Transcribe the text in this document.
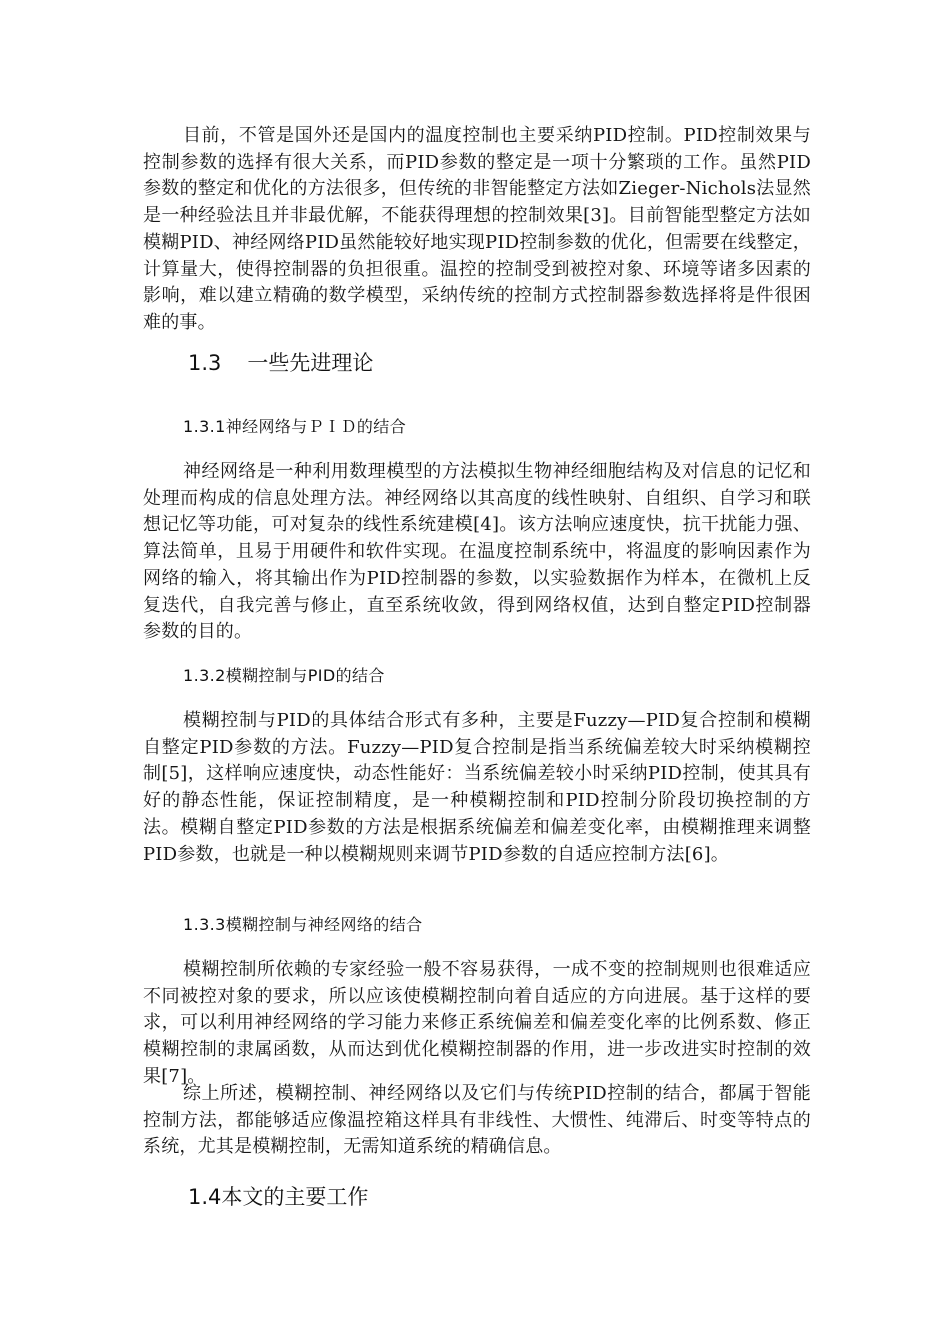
目前，不管是国外还是国内的温度控制也主要采纳PID控制。PID控制效果与控制参数的选择有很大关系，而PID参数的整定是一项十分繁琐的工作。虽然PID参数的整定和优化的方法很多，但传统的非智能整定方法如Zieger-Nichols法显然是一种经验法且并非最优解，不能获得理想的控制效果[3]。目前智能型整定方法如模糊PID、神经网络PID虽然能较好地实现PID控制参数的优化，但需要在线整定，计算量大，使得控制器的负担很重。温控的控制受到被控对象、环境等诸多因素的影响，难以建立精确的数学模型，采纳传统的控制方式控制器参数选择将是件很困难的事。

1.3 一些先进理论
1.3.1神经网络与ＰＩＤ的结合

神经网络是一种利用数理模型的方法模拟生物神经细胞结构及对信息的记忆和处理而构成的信息处理方法。神经网络以其高度的线性映射、自组织、自学习和联想记忆等功能，可对复杂的线性系统建模[4]。该方法响应速度快，抗干扰能力强、算法简单，且易于用硬件和软件实现。在温度控制系统中，将温度的影响因素作为网络的输入，将其输出作为PID控制器的参数，以实验数据作为样本，在微机上反复迭代，自我完善与修止，直至系统收敛，得到网络权值，达到自整定PID控制器参数的目的。

1.3.2模糊控制与PID的结合

模糊控制与PID的具体结合形式有多种，主要是Fuzzy—PID复合控制和模糊自整定PID参数的方法。Fuzzy—PID复合控制是指当系统偏差较大时采纳模糊控制[5]，这样响应速度快，动态性能好：当系统偏差较小时采纳PID控制，使其具有好的静态性能，保证控制精度，是一种模糊控制和PID控制分阶段切换控制的方法。模糊自整定PID参数的方法是根据系统偏差和偏差变化率，由模糊推理来调整PID参数，也就是一种以模糊规则来调节PID参数的自适应控制方法[6]。

1.3.3模糊控制与神经网络的结合

模糊控制所依赖的专家经验一般不容易获得，一成不变的控制规则也很难适应不同被控对象的要求，所以应该使模糊控制向着自适应的方向进展。基于这样的要求，可以利用神经网络的学习能力来修正系统偏差和偏差变化率的比例系数、修正模糊控制的隶属函数，从而达到优化模糊控制器的作用，进一步改进实时控制的效果[7]。

综上所述，模糊控制、神经网络以及它们与传统PID控制的结合，都属于智能控制方法，都能够适应像温控箱这样具有非线性、大惯性、纯滞后、时变等特点的系统，尤其是模糊控制，无需知道系统的精确信息。

1.4本文的主要工作
